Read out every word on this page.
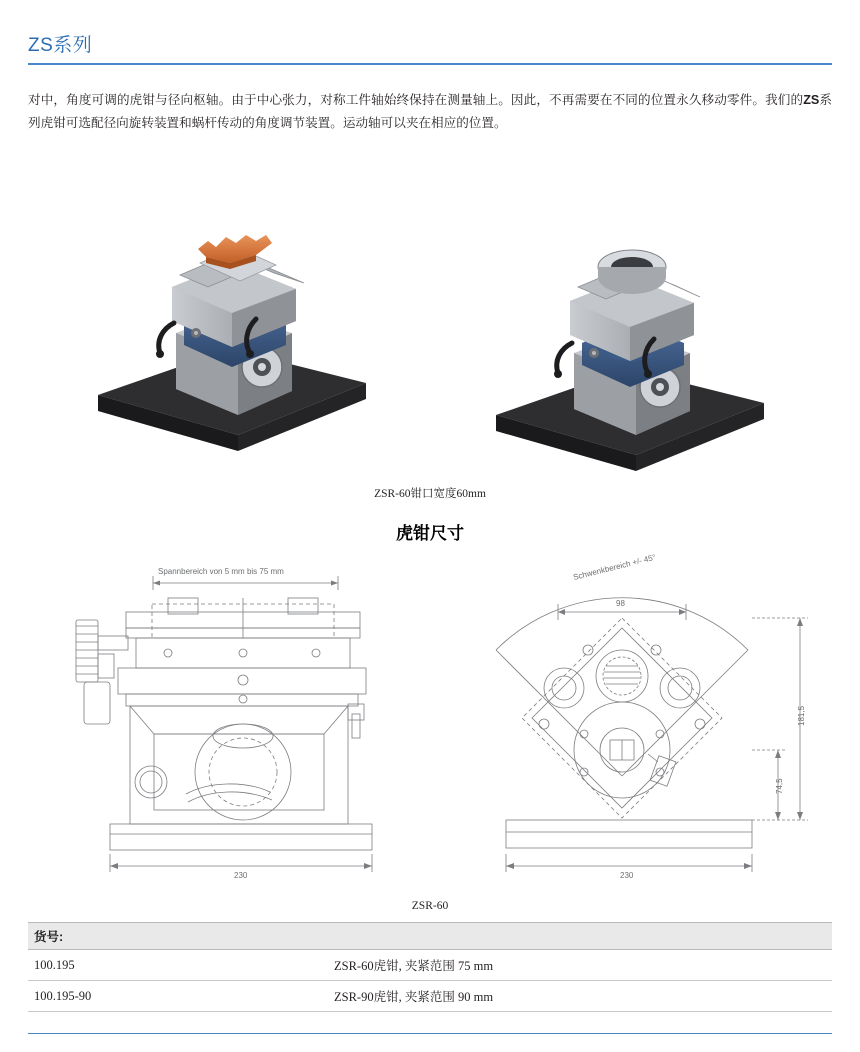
ZS系列

对中，角度可调的虎钳与径向枢轴。由于中心张力，对称工件轴始终保持在测量轴上。因此，不再需要在不同的位置永久移动零件。我们的ZS系列虎钳可选配径向旋转装置和蜗杆传动的角度调节装置。运动轴可以夹在相应的位置。

ZSR-60钳口宽度60mm
虎钳尺寸
Spannbereich von 5 mm bis 75 mm
230
Schwenkbereich +/- 45°
98
181,5
74,5
230
ZSR-60
货号:	
100.195	ZSR-60虎钳, 夹紧范围 75 mm
100.195-90	ZSR-90虎钳, 夹紧范围 90 mm
